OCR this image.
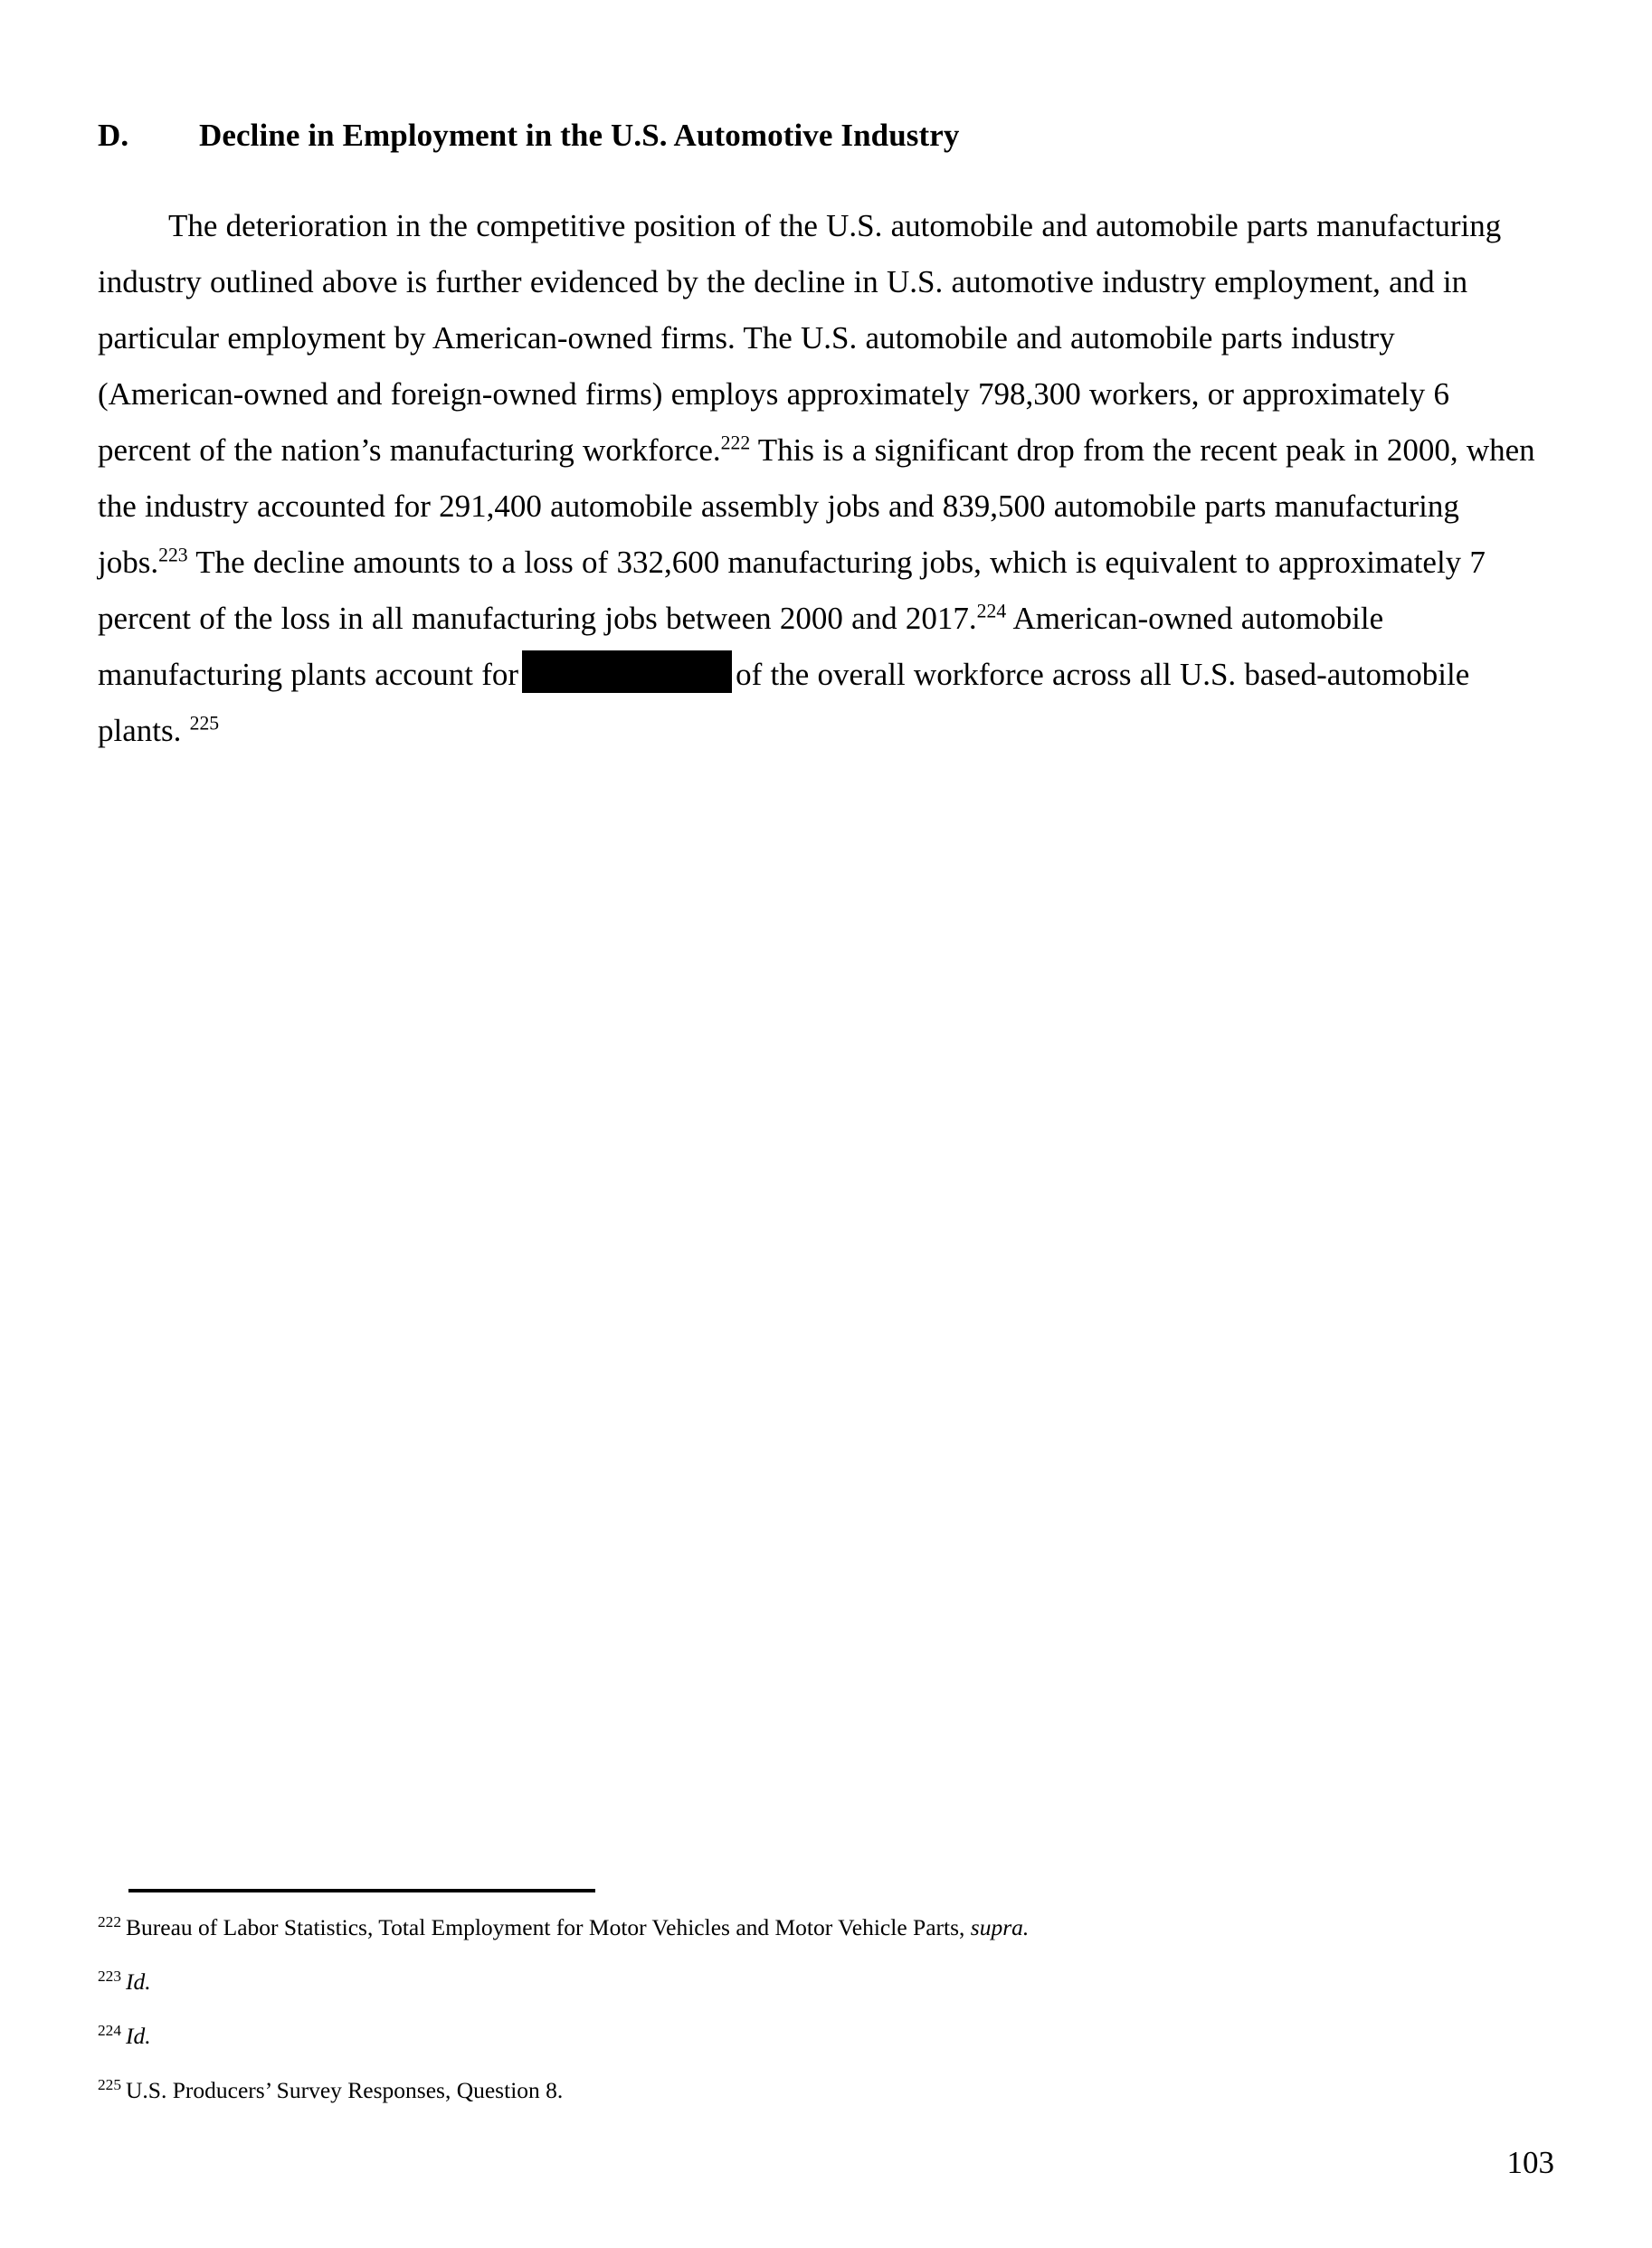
D.	Decline in Employment in the U.S. Automotive Industry

The deterioration in the competitive position of the U.S. automobile and automobile parts manufacturing industry outlined above is further evidenced by the decline in U.S. automotive industry employment, and in particular employment by American-owned firms. The U.S. automobile and automobile parts industry (American-owned and foreign-owned firms) employs approximately 798,300 workers, or approximately 6 percent of the nation’s manufacturing workforce.$^{222}$ This is a significant drop from the recent peak in 2000, when the industry accounted for 291,400 automobile assembly jobs and 839,500 automobile parts manufacturing jobs.$^{223}$ The decline amounts to a loss of 332,600 manufacturing jobs, which is equivalent to approximately 7 percent of the loss in all manufacturing jobs between 2000 and 2017.$^{224}$ American-owned automobile manufacturing plants account for	of the overall workforce across all U.S. based-automobile plants. $^{225}$

$^{222}$ Bureau of Labor Statistics, Total Employment for Motor Vehicles and Motor Vehicle Parts, supra.
$^{223}$ Id.
$^{224}$ Id.
$^{225}$ U.S. Producers’ Survey Responses, Question 8.
103
